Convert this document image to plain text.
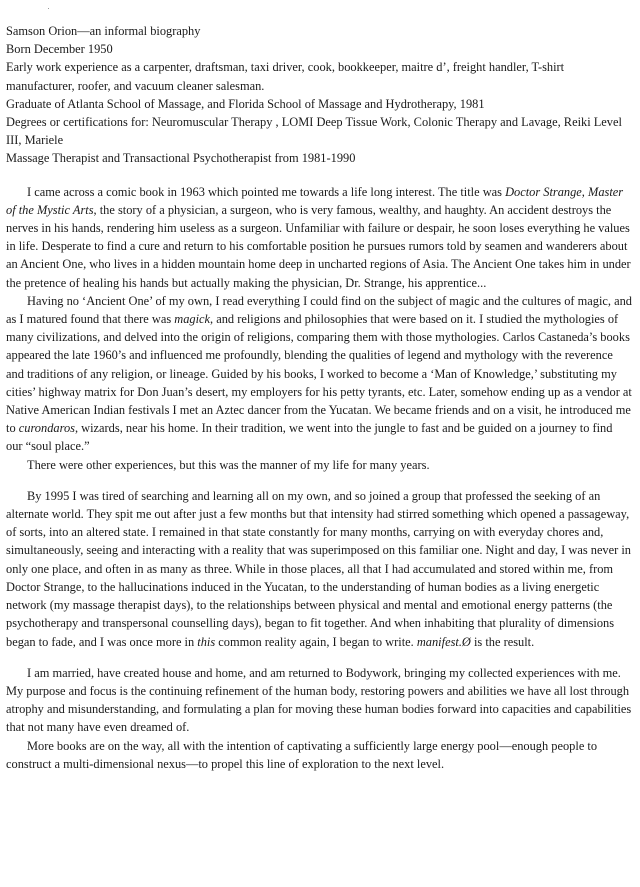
Samson Orion—an informal biography

Born December 1950

Early work experience as a carpenter, draftsman, taxi driver, cook, bookkeeper, maitre d’, freight handler, T-shirt manufacturer, roofer, and vacuum cleaner salesman.

Graduate of Atlanta School of Massage, and Florida School of Massage and Hydrotherapy, 1981

Degrees or certifications for: Neuromuscular Therapy , LOMI Deep Tissue Work, Colonic Therapy and Lavage, Reiki Level III, Mariele

Massage Therapist and Transactional Psychotherapist from 1981-1990

I came across a comic book in 1963 which pointed me towards a life long interest. The title was Doctor Strange, Master of the Mystic Arts, the story of a physician, a surgeon, who is very famous, wealthy, and haughty. An accident destroys the nerves in his hands, rendering him useless as a surgeon. Unfamiliar with failure or despair, he soon loses everything he values in life. Desperate to find a cure and return to his comfortable position he pursues rumors told by seamen and wanderers about an Ancient One, who lives in a hidden mountain home deep in uncharted regions of Asia. The Ancient One takes him in under the pretence of healing his hands but actually making the physician, Dr. Strange, his apprentice...

Having no ‘Ancient One’ of my own, I read everything I could find on the subject of magic and the cultures of magic, and as I matured found that there was magick, and religions and philosophies that were based on it. I studied the mythologies of many civilizations, and delved into the origin of religions, comparing them with those mythologies. Carlos Castaneda’s books appeared the late 1960’s and influenced me profoundly, blending the qualities of legend and mythology with the reverence and traditions of any religion, or lineage. Guided by his books, I worked to become a ‘Man of Knowledge,’ substituting my cities’ highway matrix for Don Juan’s desert, my employers for his petty tyrants, etc. Later, somehow ending up as a vendor at Native American Indian festivals I met an Aztec dancer from the Yucatan. We became friends and on a visit, he introduced me to curondaros, wizards, near his home. In their tradition, we went into the jungle to fast and be guided on a journey to find our “soul place.”

There were other experiences, but this was the manner of my life for many years.

By 1995 I was tired of searching and learning all on my own, and so joined a group that professed the seeking of an alternate world. They spit me out after just a few months but that intensity had stirred something which opened a passageway, of sorts, into an altered state. I remained in that state constantly for many months, carrying on with everyday chores and, simultaneously, seeing and interacting with a reality that was superimposed on this familiar one. Night and day, I was never in only one place, and often in as many as three. While in those places, all that I had accumulated and stored within me, from Doctor Strange, to the hallucinations induced in the Yucatan, to the understanding of human bodies as a living energetic network (my massage therapist days), to the relationships between physical and mental and emotional energy patterns (the psychotherapy and transpersonal counselling days), began to fit together. And when inhabiting that plurality of dimensions began to fade, and I was once more in this common reality again, I began to write. manifest.Ø is the result.

I am married, have created house and home, and am returned to Bodywork, bringing my collected experiences with me. My purpose and focus is the continuing refinement of the human body, restoring powers and abilities we have all lost through atrophy and misunderstanding, and formulating a plan for moving these human bodies forward into capacities and capabilities that not many have even dreamed of.

More books are on the way, all with the intention of captivating a sufficiently large energy pool—enough people to construct a multi-dimensional nexus—to propel this line of exploration to the next level.
